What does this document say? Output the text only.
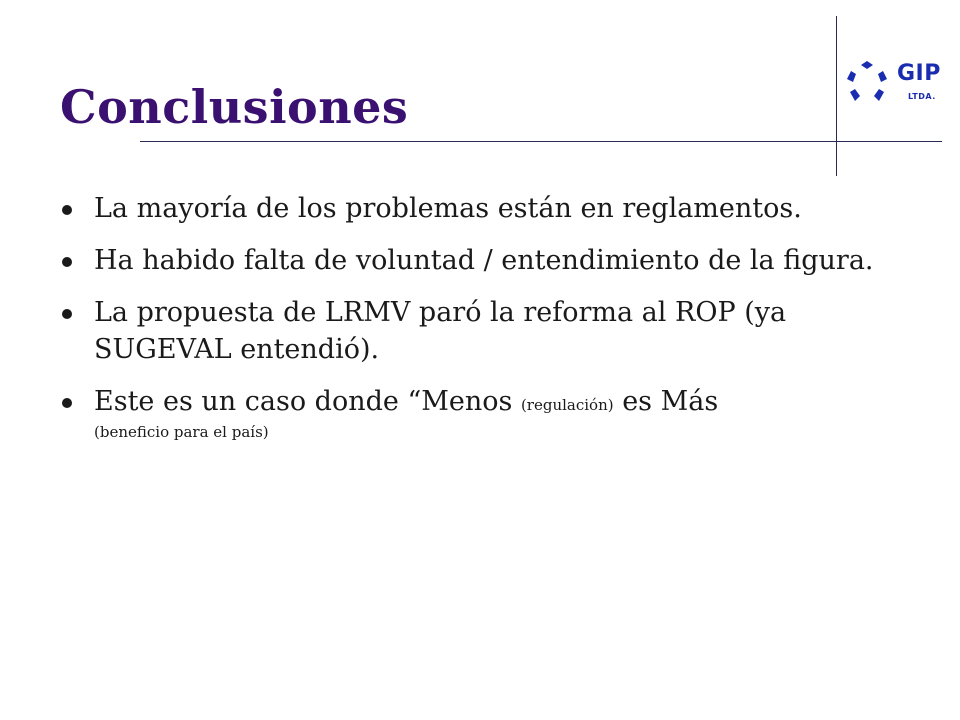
GIP
LTDA.
Conclusiones
La mayoría de los problemas están en reglamentos.
Ha habido falta de voluntad / entendimiento de la figura.
La propuesta de LRMV paró la reforma al ROP (ya SUGEVAL entendió).
Este es un caso donde “Menos (regulación) es Más
(beneficio para el país)
